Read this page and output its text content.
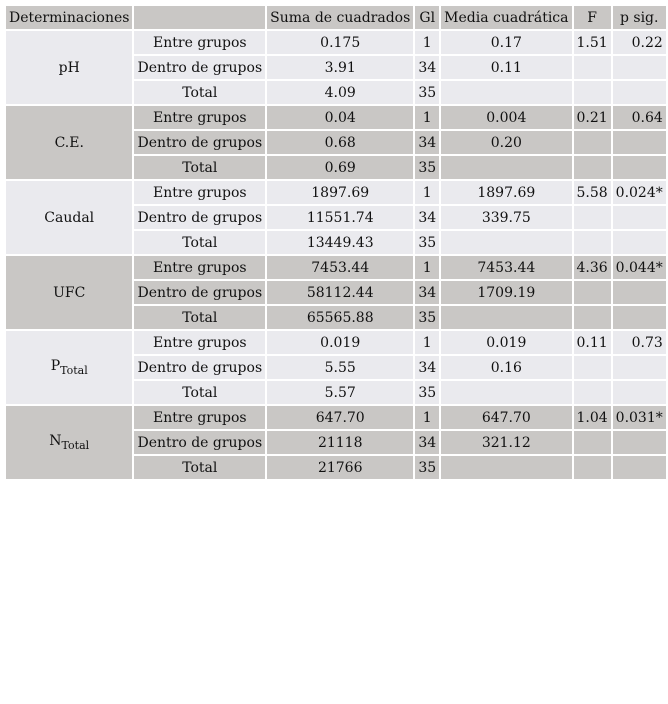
Determinaciones		Suma de cuadrados	Gl	Media cuadrática	F	p sig.
pH	Entre grupos	0.175	1	0.17	1.51	0.22
	Dentro de grupos	3.91	34	0.11		
	Total	4.09	35			
C.E.	Entre grupos	0.04	1	0.004	0.21	0.64
	Dentro de grupos	0.68	34	0.20		
	Total	0.69	35			
Caudal	Entre grupos	1897.69	1	1897.69	5.58	0.024*
	Dentro de grupos	11551.74	34	339.75		
	Total	13449.43	35			
UFC	Entre grupos	7453.44	1	7453.44	4.36	0.044*
	Dentro de grupos	58112.44	34	1709.19		
	Total	65565.88	35			
$P_{Total}$	Entre grupos	0.019	1	0.019	0.11	0.73
	Dentro de grupos	5.55	34	0.16		
	Total	5.57	35			
$N_{Total}$	Entre grupos	647.70	1	647.70	1.04	0.031*
	Dentro de grupos	21118	34	321.12		
	Total	21766	35			
